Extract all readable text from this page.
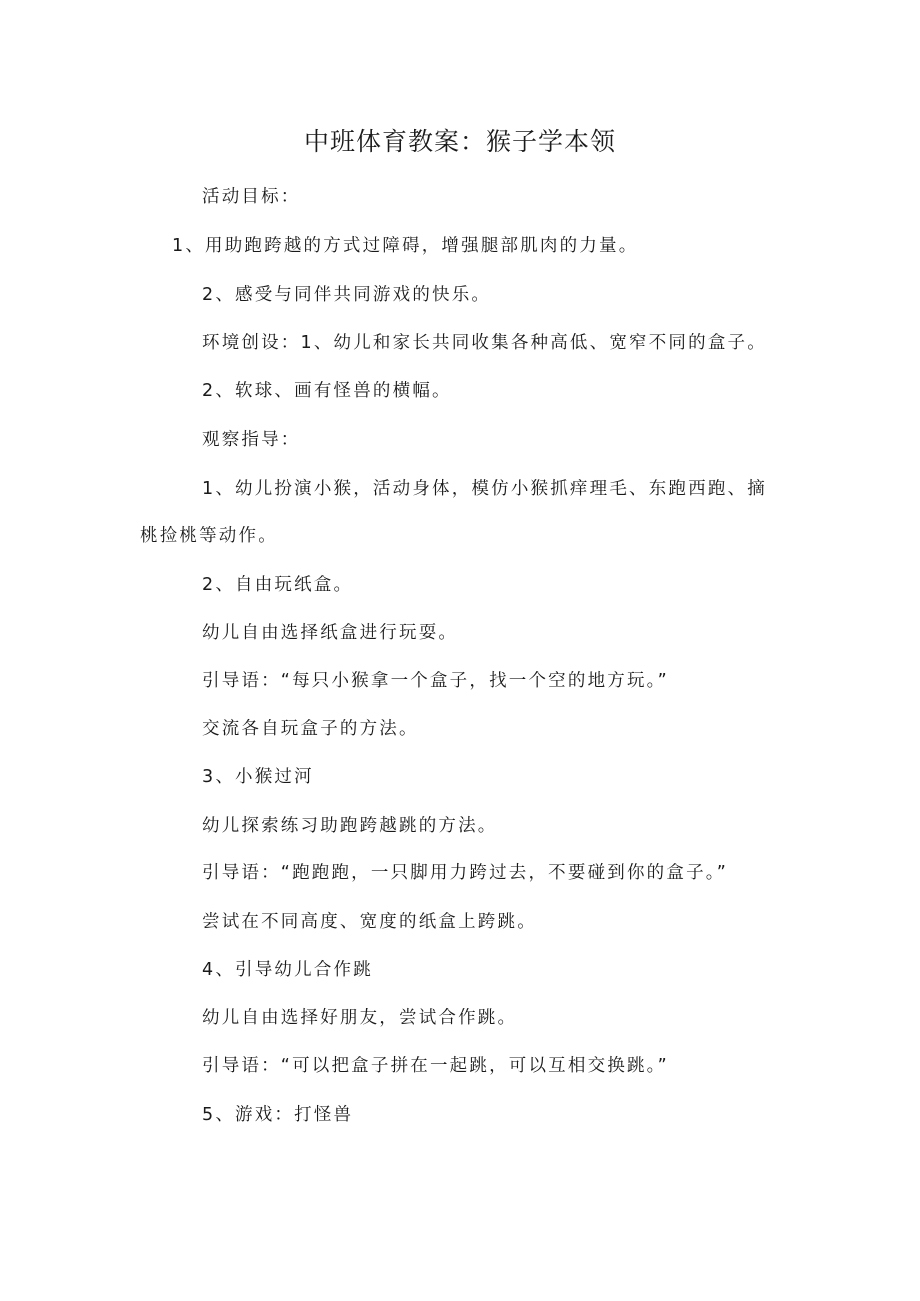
中班体育教案：猴子学本领
活动目标：
1、用助跑跨越的方式过障碍，增强腿部肌肉的力量。
2、感受与同伴共同游戏的快乐。
环境创设：1、幼儿和家长共同收集各种高低、宽窄不同的盒子。
2、软球、画有怪兽的横幅。
观察指导：
1、幼儿扮演小猴，活动身体，模仿小猴抓痒理毛、东跑西跑、摘
桃捡桃等动作。
2、自由玩纸盒。
幼儿自由选择纸盒进行玩耍。
引导语：“每只小猴拿一个盒子，找一个空的地方玩。”
交流各自玩盒子的方法。
3、小猴过河
幼儿探索练习助跑跨越跳的方法。
引导语：“跑跑跑，一只脚用力跨过去，不要碰到你的盒子。”
尝试在不同高度、宽度的纸盒上跨跳。
4、引导幼儿合作跳
幼儿自由选择好朋友，尝试合作跳。
引导语：“可以把盒子拼在一起跳，可以互相交换跳。”
5、游戏：打怪兽
